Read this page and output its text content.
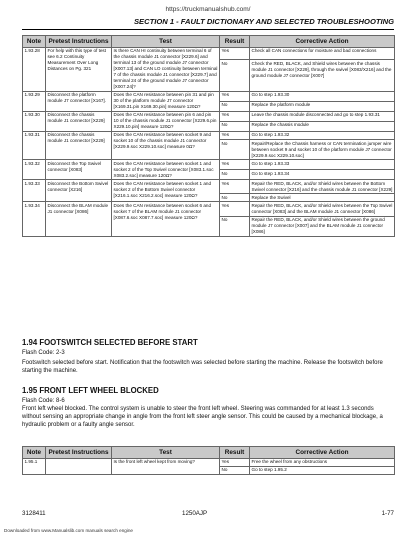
https://truckmanualshub.com/
SECTION 1 - FAULT DICTIONARY AND SELECTED TROUBLESHOOTING
Note	Pretest Instructions	Test	Result	Corrective Action
1.93.28	For help with this type of test see 6.2 Continuity Measurement Over Long Distances on Pg. 321	Is there CAN HI continuity between terminal 6 of the chassis module J1 connector [X229.6] and terminal 13 of the ground module J7 connector [X007.13] and CAN LO continuity between terminal 7 of the chassis module J1 connector [X229.7] and terminal 24 of the ground module J7 connector [X007.24]?	Yes	Check all CAN connections for moisture and bad connections
			No	Check the RED, BLACK, and Shield wires between the chassis module J1 connector [X229], through the swivel [X083/X216] and the ground module J7 connector [X007]
1.93.29	Disconnect the platform module J7 connector [X167].	Does the CAN resistance between pin 31 and pin 30 of the platform module J7 connector [X169.31.pin X169.30.pin] measure 120Ω?	Yes	Go to step 1.93.30
			No	Replace the platform module
1.93.30	Disconnect the chassis module J1 connector [X229]	Does the CAN resistance between pin 6 and pin 10 of the chassis module J1 connector [X229.6.pin X229.10.pin] measure 120Ω?	Yes	Leave the chassis module disconnected and go to step 1.93.31
			No	Replace the chassis module
1.93.31	Disconnect the chassis module J1 connector [X229]	Does the CAN resistance between socket 9 and socket 10 of the chassis module J1 connector [X229.9.soc X229.10.soc] measure 0Ω?	Yes	Go to step 1.93.32
			No	Repair/Replace the Chassis harness or CAN termination jumper wire between socket 9 and socket 10 of the platform module J7 connector [X229.9.soc X229.10.soc]
1.93.32	Disconnect the Top Swivel connector [X083]	Does the CAN resistance between socket 1 and socket 2 of the Top Swivel connector [X083.1.soc X083.2.soc] measure 120Ω?	Yes	Go to step 1.93.33
			No	Go to step 1.93.34
1.93.33	Disconnect the Bottom Swivel connector [X216]	Does the CAN resistance between socket 1 and socket 2 of the Bottom Swivel connector [X216.1.soc X216.2.soc] measure 120Ω?	Yes	Repair the RED, BLACK, and/or Shield wires between the Bottom Swivel connector [X216] and the chassis module J1 connector [X229]
			No	Replace the Swivel
1.93.34	Disconnect the BLAM module J1 connector [X086]	Does the CAN resistance between socket 6 and socket 7 of the BLAM module J1 connector [X087.6.soc X087.7.soc] measure 120Ω?	Yes	Repair the RED, BLACK, and/or Shield wires between the Top Swivel connector [X083] and the BLAM module J1 connector [X086]
			No	Repair the RED, BLACK, and/or Shield wires between the ground module J7 connector [X007] and the BLAM module J1 connector [X086]
1.94 FOOTSWITCH SELECTED BEFORE START
Flash Code: 2-3
Footswitch selected before start. Notification that the footswitch was selected before starting the machine. Release the footswitch before starting the machine.
1.95 FRONT LEFT WHEEL BLOCKED
Flash Code: 8-6
Front left wheel blocked. The control system is unable to steer the front left wheel. Steering was commanded for at least 1.3 seconds without sensing an appropriate change in angle from the front left steer angle sensor. This could be caused by a mechanical blockage, a hydraulic problem or a faulty angle sensor.
Note	Pretest Instructions	Test	Result	Corrective Action
1.95.1		Is the front left wheel kept from moving?	Yes	Free the wheel from any obstructions
			No	Go to step 1.95.2
3128411	1250AJP	1-77
Downloaded from www.Manualslib.com manuals search engine
